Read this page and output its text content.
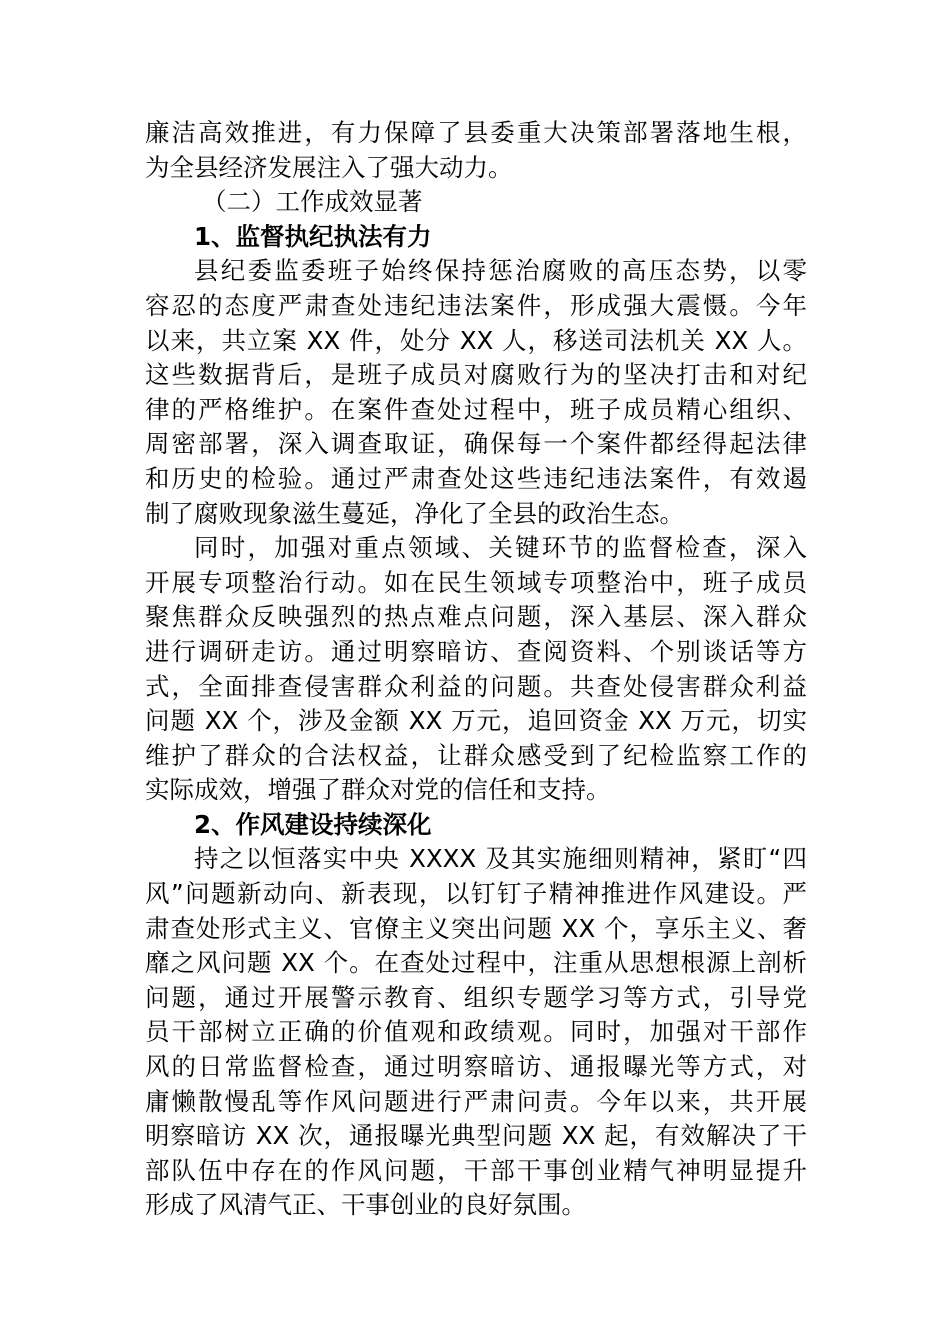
廉洁高效推进，有力保障了县委重大决策部署落地生根，
为全县经济发展注入了强大动力。
（二）工作成效显著
1、监督执纪执法有力
县纪委监委班子始终保持惩治腐败的高压态势，以零
容忍的态度严肃查处违纪违法案件，形成强大震慑。今年
以来，共立案 XX 件，处分 XX 人，移送司法机关 XX 人。
这些数据背后，是班子成员对腐败行为的坚决打击和对纪
律的严格维护。在案件查处过程中，班子成员精心组织、
周密部署，深入调查取证，确保每一个案件都经得起法律
和历史的检验。通过严肃查处这些违纪违法案件，有效遏
制了腐败现象滋生蔓延，净化了全县的政治生态。
同时，加强对重点领域、关键环节的监督检查，深入
开展专项整治行动。如在民生领域专项整治中，班子成员
聚焦群众反映强烈的热点难点问题，深入基层、深入群众
进行调研走访。通过明察暗访、查阅资料、个别谈话等方
式，全面排查侵害群众利益的问题。共查处侵害群众利益
问题 XX 个，涉及金额 XX 万元，追回资金 XX 万元，切实
维护了群众的合法权益，让群众感受到了纪检监察工作的
实际成效，增强了群众对党的信任和支持。
2、作风建设持续深化
持之以恒落实中央 XXXX 及其实施细则精神，紧盯“四
风”问题新动向、新表现，以钉钉子精神推进作风建设。严
肃查处形式主义、官僚主义突出问题 XX 个，享乐主义、奢
靡之风问题 XX 个。在查处过程中，注重从思想根源上剖析
问题，通过开展警示教育、组织专题学习等方式，引导党
员干部树立正确的价值观和政绩观。同时，加强对干部作
风的日常监督检查，通过明察暗访、通报曝光等方式，对
庸懒散慢乱等作风问题进行严肃问责。今年以来，共开展
明察暗访 XX 次，通报曝光典型问题 XX 起，有效解决了干
部队伍中存在的作风问题，干部干事创业精气神明显提升
形成了风清气正、干事创业的良好氛围。
